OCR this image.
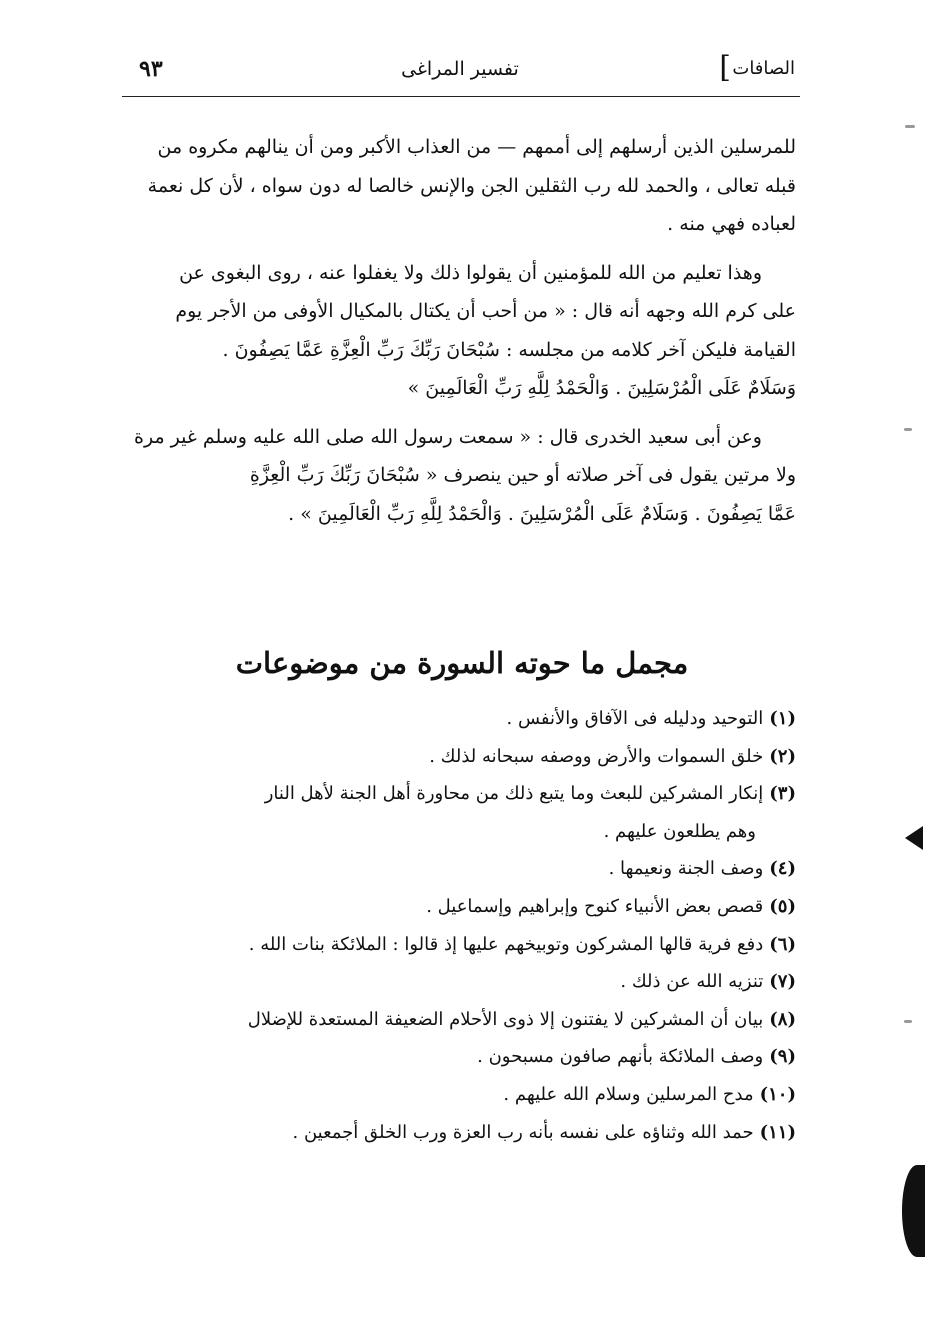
الصافات
]
تفسير المراغى
٩٣

للمرسلين الذين أرسلهم إلى أممهم — من العذاب الأكبر ومن أن ينالهم مكروه من
قبله تعالى ، والحمد لله رب الثقلين الجن والإنس خالصا له دون سواه ، لأن كل نعمة
لعباده فهي منه .

وهذا تعليم من الله للمؤمنين أن يقولوا ذلك ولا يغفلوا عنه ، روى البغوى عن
على كرم الله وجهه أنه قال : « من أحب أن يكتال بالمكيال الأوفى من الأجر يوم
القيامة فليكن آخر كلامه من مجلسه : سُبْحَانَ رَبِّكَ رَبِّ الْعِزَّةِ عَمَّا يَصِفُونَ .
وَسَلَامٌ عَلَى الْمُرْسَلِينَ . وَالْحَمْدُ لِلَّهِ رَبِّ الْعَالَمِينَ »

وعن أبى سعيد الخدرى قال : « سمعت رسول الله صلى الله عليه وسلم غير مرة
ولا مرتين يقول فى آخر صلاته أو حين ينصرف « سُبْحَانَ رَبِّكَ رَبِّ الْعِزَّةِ
عَمَّا يَصِفُونَ . وَسَلَامٌ عَلَى الْمُرْسَلِينَ . وَالْحَمْدُ لِلَّهِ رَبِّ الْعَالَمِينَ » .

مجمل ما حوته السورة من موضوعات

(١)التوحيد ودليله فى الآفاق والأنفس .

(٢)خلق السموات والأرض ووصفه سبحانه لذلك .

(٣)إنكار المشركين للبعث وما يتبع ذلك من محاورة أهل الجنة لأهل النار

وهم يطلعون عليهم .

(٤)وصف الجنة ونعيمها .

(٥)قصص بعض الأنبياء كنوح وإبراهيم وإسماعيل .

(٦)دفع فرية قالها المشركون وتوبيخهم عليها إذ قالوا : الملائكة بنات الله .

(٧)تنزيه الله عن ذلك .

(٨)بيان أن المشركين لا يفتنون إلا ذوى الأحلام الضعيفة المستعدة للإضلال

(٩)وصف الملائكة بأنهم صافون مسبحون .

(١٠)مدح المرسلين وسلام الله عليهم .

(١١)حمد الله وثناؤه على نفسه بأنه رب العزة ورب الخلق أجمعين .
